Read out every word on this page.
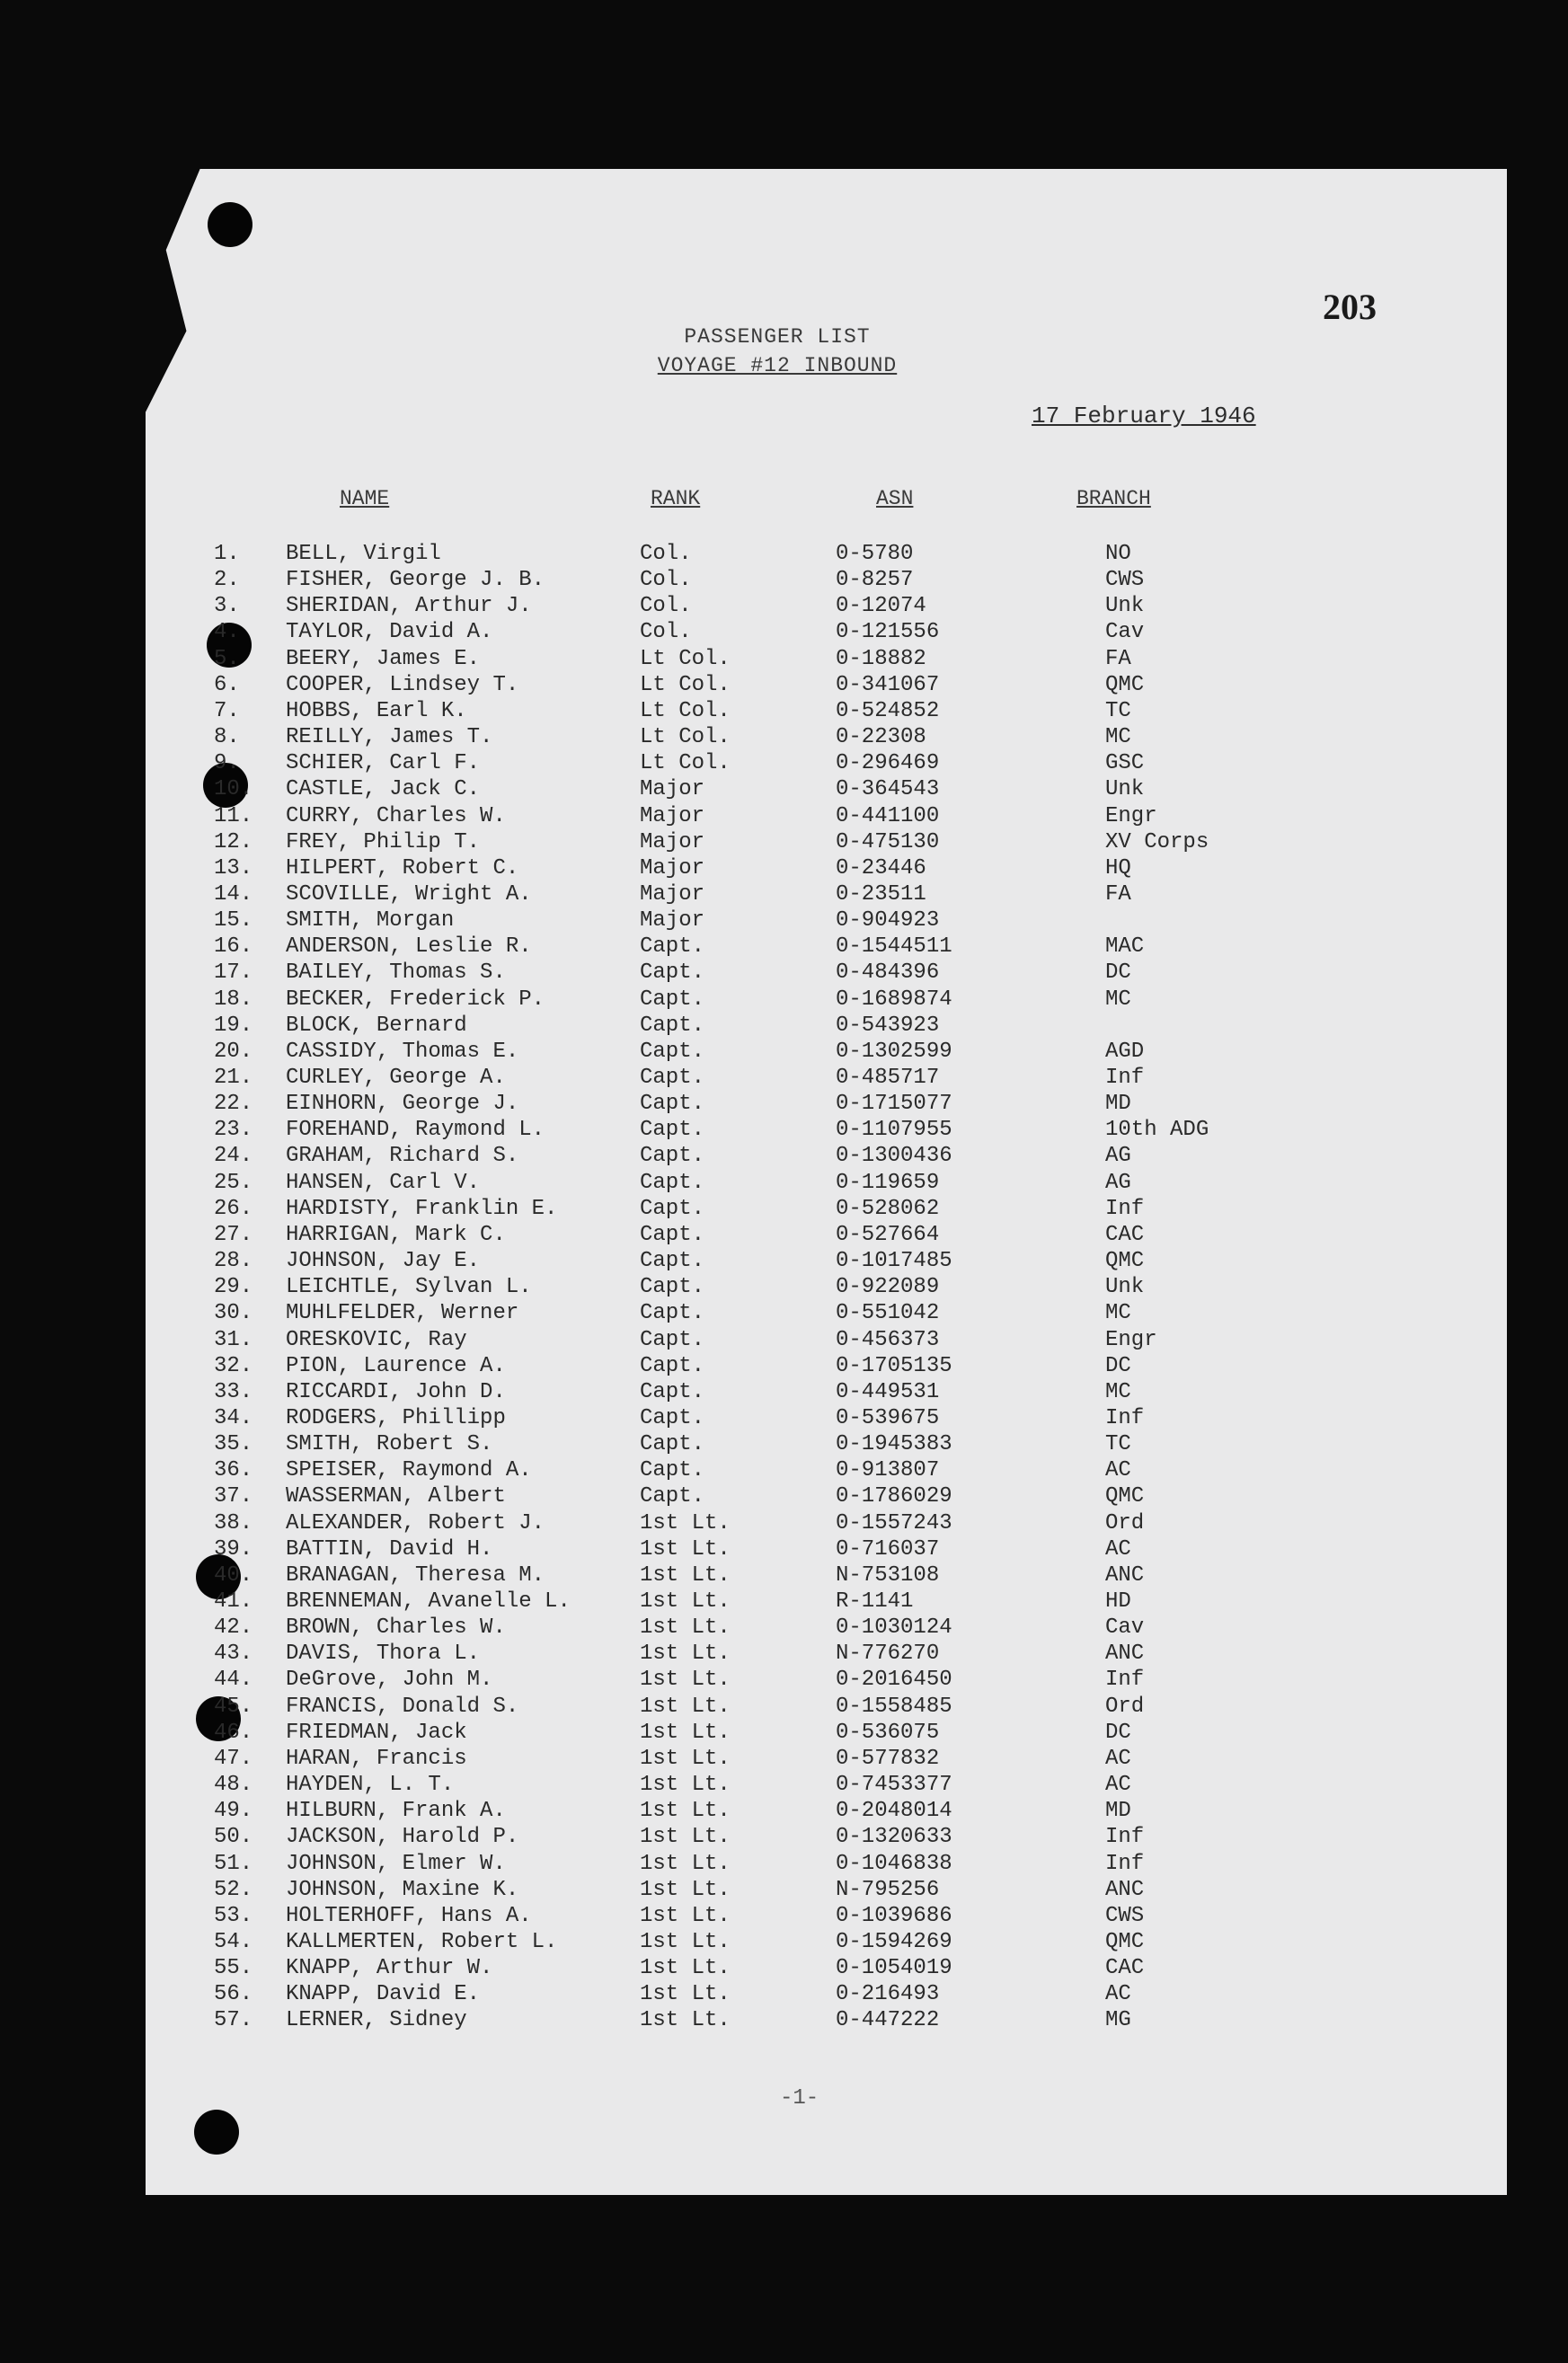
203
PASSENGER LIST
VOYAGE #12 INBOUND
17 February 1946
NAME	RANK	ASN	BRANCH
1. BELL, Virgil	Col.	0-5780	NO
2. FISHER, George J. B.	Col.	0-8257	CWS
3. SHERIDAN, Arthur J.	Col.	0-12074	Unk
4. TAYLOR, David A.	Col.	0-121556	Cav
5. BEERY, James E.	Lt Col.	0-18882	FA
6. COOPER, Lindsey T.	Lt Col.	0-341067	QMC
7. HOBBS, Earl K.	Lt Col.	0-524852	TC
8. REILLY, James T.	Lt Col.	0-22308	MC
9. SCHIER, Carl F.	Lt Col.	0-296469	GSC
10. CASTLE, Jack C.	Major	0-364543	Unk
11. CURRY, Charles W.	Major	0-441100	Engr
12. FREY, Philip T.	Major	0-475130	XV Corps
13. HILPERT, Robert C.	Major	0-23446	HQ
14. SCOVILLE, Wright A.	Major	0-23511	FA
15. SMITH, Morgan	Major	0-904923
16. ANDERSON, Leslie R.	Capt.	0-1544511	MAC
17. BAILEY, Thomas S.	Capt.	0-484396	DC
18. BECKER, Frederick P.	Capt.	0-1689874	MC
19. BLOCK, Bernard	Capt.	0-543923
20. CASSIDY, Thomas E.	Capt.	0-1302599	AGD
21. CURLEY, George A.	Capt.	0-485717	Inf
22. EINHORN, George J.	Capt.	0-1715077	MD
23. FOREHAND, Raymond L.	Capt.	0-1107955	10th ADG
24. GRAHAM, Richard S.	Capt.	0-1300436	AG
25. HANSEN, Carl V.	Capt.	0-119659	AG
26. HARDISTY, Franklin E.	Capt.	0-528062	Inf
27. HARRIGAN, Mark C.	Capt.	0-527664	CAC
28. JOHNSON, Jay E.	Capt.	0-1017485	QMC
29. LEICHTLE, Sylvan L.	Capt.	0-922089	Unk
30. MUHLFELDER, Werner	Capt.	0-551042	MC
31. ORESKOVIC, Ray	Capt.	0-456373	Engr
32. PION, Laurence A.	Capt.	0-1705135	DC
33. RICCARDI, John D.	Capt.	0-449531	MC
34. RODGERS, Phillipp	Capt.	0-539675	Inf
35. SMITH, Robert S.	Capt.	0-1945383	TC
36. SPEISER, Raymond A.	Capt.	0-913807	AC
37. WASSERMAN, Albert	Capt.	0-1786029	QMC
38. ALEXANDER, Robert J.	1st Lt.	0-1557243	Ord
39. BATTIN, David H.	1st Lt.	0-716037	AC
40. BRANAGAN, Theresa M.	1st Lt.	N-753108	ANC
41. BRENNEMAN, Avanelle L.	1st Lt.	R-1141	HD
42. BROWN, Charles W.	1st Lt.	0-1030124	Cav
43. DAVIS, Thora L.	1st Lt.	N-776270	ANC
44. DeGrove, John M.	1st Lt.	0-2016450	Inf
45. FRANCIS, Donald S.	1st Lt.	0-1558485	Ord
46. FRIEDMAN, Jack	1st Lt.	0-536075	DC
47. HARAN, Francis	1st Lt.	0-577832	AC
48. HAYDEN, L. T.	1st Lt.	0-7453377	AC
49. HILBURN, Frank A.	1st Lt.	0-2048014	MD
50. JACKSON, Harold P.	1st Lt.	0-1320633	Inf
51. JOHNSON, Elmer W.	1st Lt.	0-1046838	Inf
52. JOHNSON, Maxine K.	1st Lt.	N-795256	ANC
53. HOLTERHOFF, Hans A.	1st Lt.	0-1039686	CWS
54. KALLMERTEN, Robert L.	1st Lt.	0-1594269	QMC
55. KNAPP, Arthur W.	1st Lt.	0-1054019	CAC
56. KNAPP, David E.	1st Lt.	0-216493	AC
57. LERNER, Sidney	1st Lt.	0-447222	MG
-1-
